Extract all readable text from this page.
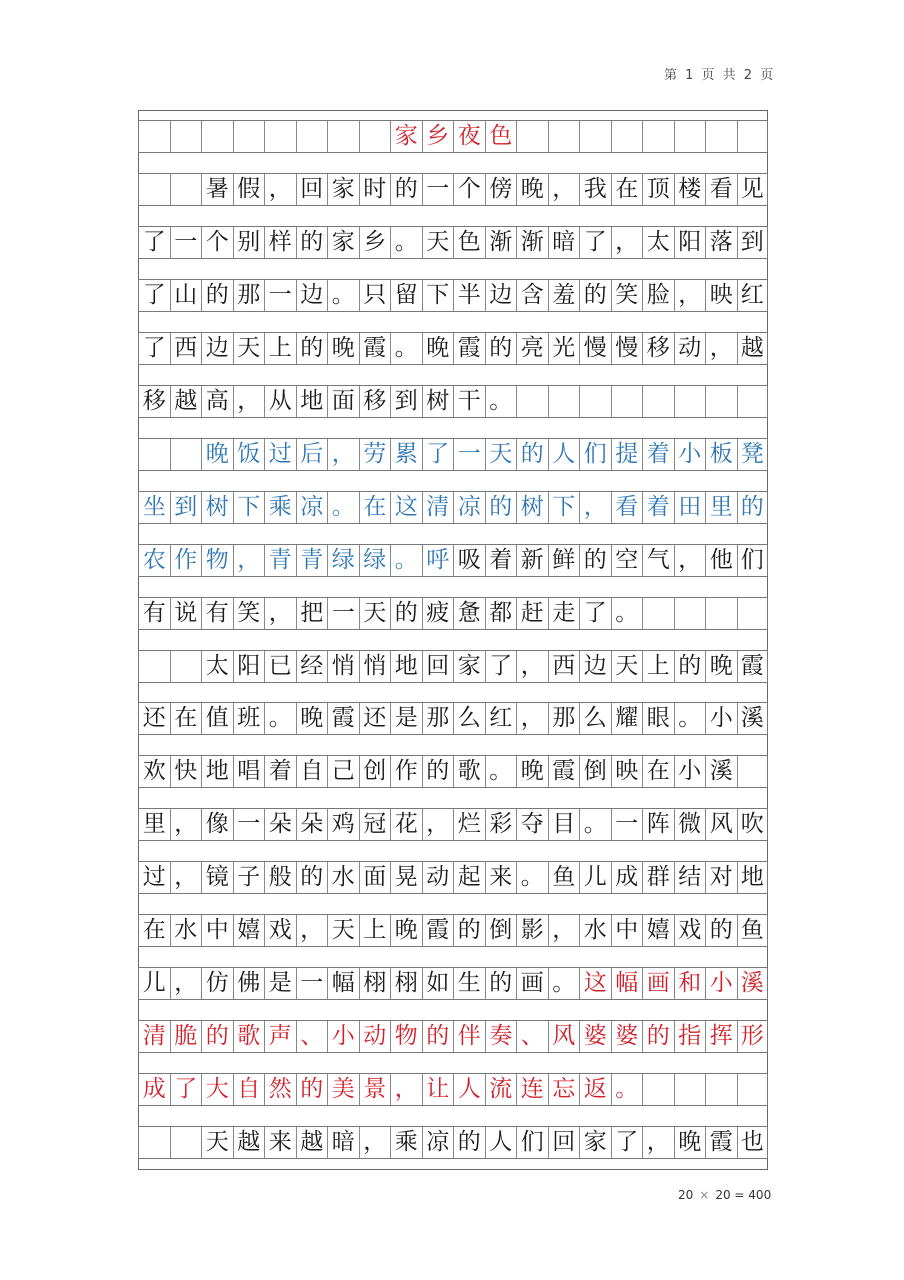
第 1 页 共 2 页
家 乡 夜 色
暑 假 ， 回 家 时 的 一 个 傍 晚 ， 我 在 顶 楼 看 见
了 一 个 别 样 的 家 乡 。 天 色 渐 渐 暗 了 ， 太 阳 落 到
了 山 的 那 一 边 。 只 留 下 半 边 含 羞 的 笑 脸 ， 映 红
了 西 边 天 上 的 晚 霞 。 晚 霞 的 亮 光 慢 慢 移 动 ， 越
移 越 高 ， 从 地 面 移 到 树 干 。
晚 饭 过 后 ， 劳 累 了 一 天 的 人 们 提 着 小 板 凳
坐 到 树 下 乘 凉 。 在 这 清 凉 的 树 下 ， 看 着 田 里 的
农 作 物 ， 青 青 绿 绿 。 呼 吸 着 新 鲜 的 空 气 ， 他 们
有 说 有 笑 ， 把 一 天 的 疲 惫 都 赶 走 了 。
太 阳 已 经 悄 悄 地 回 家 了 ， 西 边 天 上 的 晚 霞
还 在 值 班 。 晚 霞 还 是 那 么 红 ， 那 么 耀 眼 。 小 溪
欢 快 地 唱 着 自 己 创 作 的 歌 。 晚 霞 倒 映 在 小 溪
里 ， 像 一 朵 朵 鸡 冠 花 ， 烂 彩 夺 目 。 一 阵 微 风 吹
过 ， 镜 子 般 的 水 面 晃 动 起 来 。 鱼 儿 成 群 结 对 地
在 水 中 嬉 戏 ， 天 上 晚 霞 的 倒 影 ， 水 中 嬉 戏 的 鱼
儿 ， 仿 佛 是 一 幅 栩 栩 如 生 的 画 。 这 幅 画 和 小 溪
清 脆 的 歌 声 、 小 动 物 的 伴 奏 、 风 婆 婆 的 指 挥 形
成 了 大 自 然 的 美 景 ， 让 人 流 连 忘 返 。
天 越 来 越 暗 ， 乘 凉 的 人 们 回 家 了 ， 晚 霞 也
20 × 20 = 400
